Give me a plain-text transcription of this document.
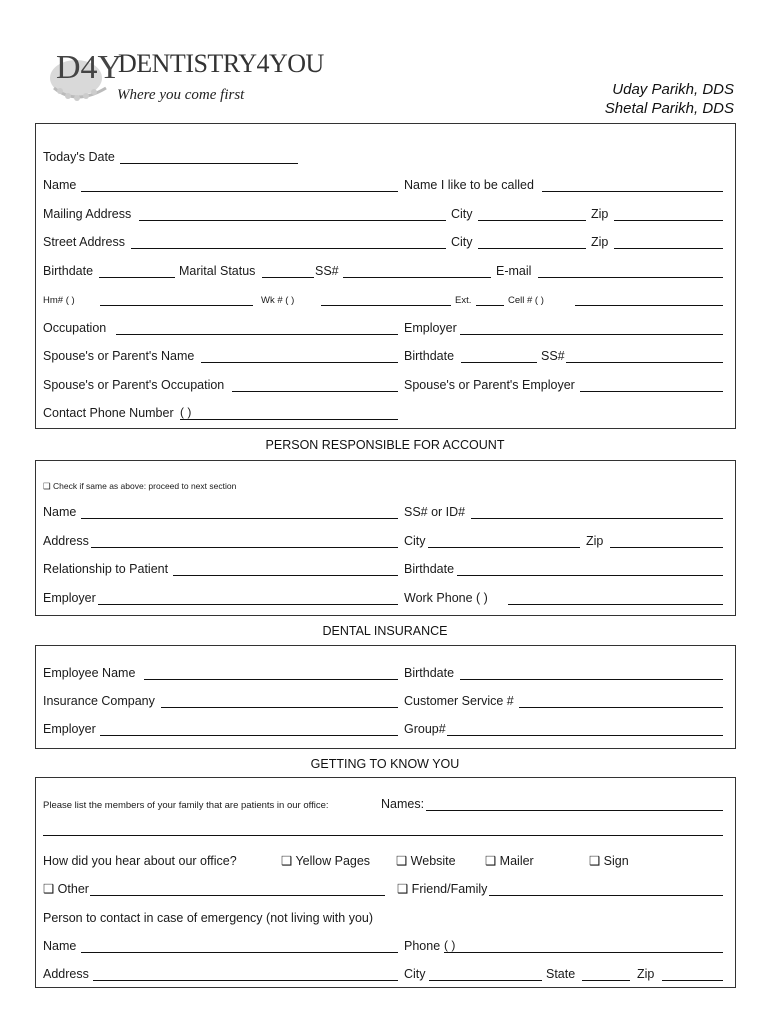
D4Y
DENTISTRY4YOU
Where you come first	Uday Parikh, DDS
Shetal Parikh, DDS
Today's Date
Name	Name I like to be called
Mailing Address	City	Zip
Street Address	City	Zip
Birthdate	Marital Status	SS#	E-mail
Hm# ( )	Wk # ( )	Ext.	Cell # ( )
Occupation	Employer
Spouse's or Parent's Name	Birthdate	SS#
Spouse's or Parent's Occupation	Spouse's or Parent's Employer
Contact Phone Number ( )
PERSON RESPONSIBLE FOR ACCOUNT
❑ Check if same as above: proceed to next section
Name	SS# or ID#
Address	City	Zip
Relationship to Patient	Birthdate
Employer	Work Phone ( )
DENTAL INSURANCE
Employee Name	Birthdate
Insurance Company	Customer Service #
Employer	Group#
GETTING TO KNOW YOU
Please list the members of your family that are patients in our office:	Names:
How did you hear about our office?	❑ Yellow Pages ❑ Website ❑ Mailer	❑ Sign
❑ Other	❑ Friend/Family
Person to contact in case of emergency (not living with you)
Name	Phone ( )
Address	City	State	Zip
